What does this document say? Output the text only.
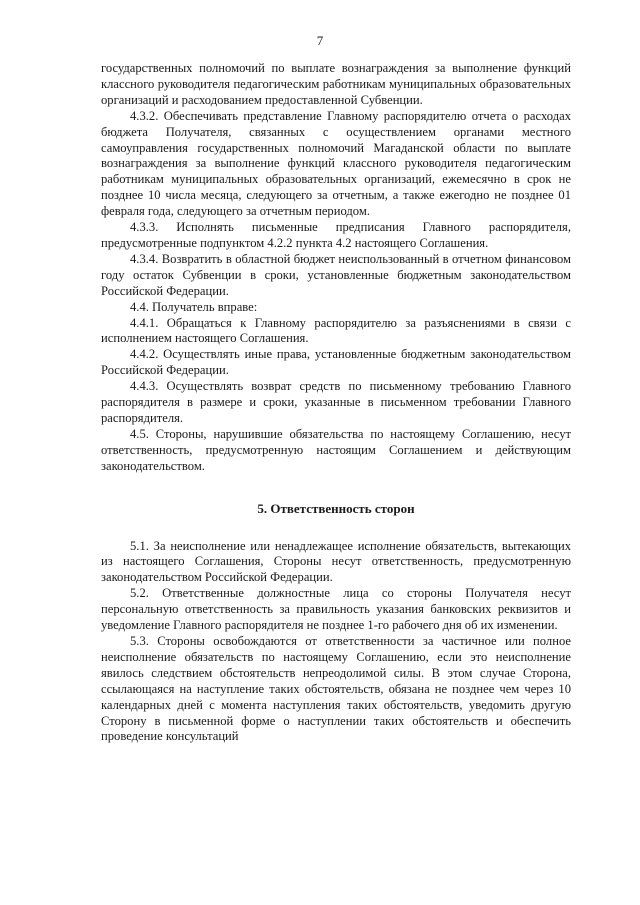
7

государственных полномочий по выплате вознаграждения за выполнение функций классного руководителя педагогическим работникам муниципальных образовательных организаций и расходованием предоставленной Субвенции.

4.3.2. Обеспечивать представление Главному распорядителю отчета о расходах бюджета Получателя, связанных с осуществлением органами местного самоуправления государственных полномочий Магаданской области по выплате вознаграждения за выполнение функций классного руководителя педагогическим работникам муниципальных образовательных организаций, ежемесячно в срок не позднее 10 числа месяца, следующего за отчетным, а также ежегодно не позднее 01 февраля года, следующего за отчетным периодом.

4.3.3. Исполнять письменные предписания Главного распорядителя, предусмотренные подпунктом 4.2.2 пункта 4.2 настоящего Соглашения.

4.3.4. Возвратить в областной бюджет неиспользованный в отчетном финансовом году остаток Субвенции в сроки, установленные бюджетным законодательством Российской Федерации.

4.4. Получатель вправе:

4.4.1. Обращаться к Главному распорядителю за разъяснениями в связи с исполнением настоящего Соглашения.

4.4.2. Осуществлять иные права, установленные бюджетным законодательством Российской Федерации.

4.4.3. Осуществлять возврат средств по письменному требованию Главного распорядителя в размере и сроки, указанные в письменном требовании Главного распорядителя.

4.5. Стороны, нарушившие обязательства по настоящему Соглашению, несут ответственность, предусмотренную настоящим Соглашением и действующим законодательством.

5. Ответственность сторон

5.1. За неисполнение или ненадлежащее исполнение обязательств, вытекающих из настоящего Соглашения, Стороны несут ответственность, предусмотренную законодательством Российской Федерации.

5.2. Ответственные должностные лица со стороны Получателя несут персональную ответственность за правильность указания банковских реквизитов и уведомление Главного распорядителя не позднее 1-го рабочего дня об их изменении.

5.3. Стороны освобождаются от ответственности за частичное или полное неисполнение обязательств по настоящему Соглашению, если это неисполнение явилось следствием обстоятельств непреодолимой силы. В этом случае Сторона, ссылающаяся на наступление таких обстоятельств, обязана не позднее чем через 10 календарных дней с момента наступления таких обстоятельств, уведомить другую Сторону в письменной форме о наступлении таких обстоятельств и обеспечить проведение консультаций
